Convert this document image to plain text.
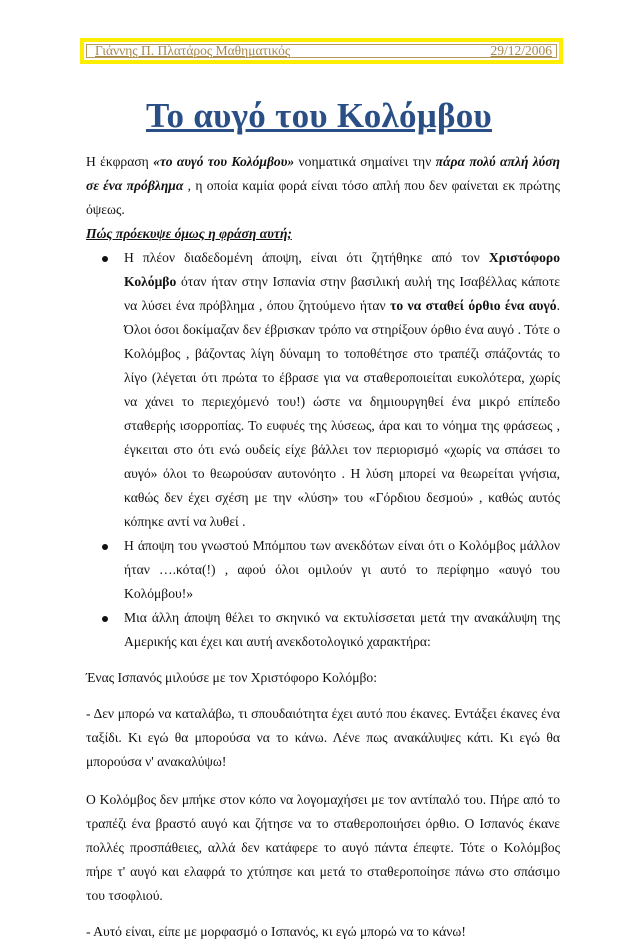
Γιάννης Π. Πλατάρος Μαθηματικός	29/12/2006
Το αυγό του Κολόμβου

Η έκφραση «το αυγό του Κολόμβου» νοηματικά σημαίνει την πάρα πολύ απλή λύση σε ένα πρόβλημα , η οποία καμία φορά είναι τόσο απλή που δεν φαίνεται εκ πρώτης όψεως.

Πώς πρόεκυψε όμως η φράση αυτή;

Η πλέον διαδεδομένη άποψη, είναι ότι ζητήθηκε από τον Χριστόφορο Κολόμβο όταν ήταν στην Ισπανία στην βασιλική αυλή της Ισαβέλλας κάποτε να λύσει ένα πρόβλημα , όπου ζητούμενο ήταν το να σταθεί όρθιο ένα αυγό. Όλοι όσοι δοκίμαζαν δεν έβρισκαν τρόπο να στηρίξουν όρθιο ένα αυγό . Τότε ο Κολόμβος , βάζοντας λίγη δύναμη το τοποθέτησε στο τραπέζι σπάζοντάς το λίγο (λέγεται ότι πρώτα το έβρασε για να σταθεροποιείται ευκολότερα, χωρίς να χάνει το περιεχόμενό του!) ώστε να δημιουργηθεί ένα μικρό επίπεδο σταθερής ισορροπίας. Το ευφυές της λύσεως, άρα και το νόημα της φράσεως , έγκειται στο ότι ενώ ουδείς είχε βάλλει τον περιορισμό «χωρίς να σπάσει το αυγό» όλοι το θεωρούσαν αυτονόητο . Η λύση μπορεί να θεωρείται γνήσια, καθώς δεν έχει σχέση με την «λύση» του «Γόρδιου δεσμού» , καθώς αυτός κόπηκε αντί να λυθεί .
Η άποψη του γνωστού Μπόμπου των ανεκδότων είναι ότι ο Κολόμβος μάλλον ήταν ….κότα(!) , αφού όλοι ομιλούν γι αυτό το περίφημο «αυγό του Κολόμβου!»
Μια άλλη άποψη θέλει το σκηνικό να εκτυλίσσεται μετά την ανακάλυψη της Αμερικής και έχει και αυτή ανεκδοτολογικό χαρακτήρα:

Ένας Ισπανός μιλούσε με τον Χριστόφορο Κολόμβο:

- Δεν μπορώ να καταλάβω, τι σπουδαιότητα έχει αυτό που έκανες. Εντάξει έκανες ένα ταξίδι. Κι εγώ θα μπορούσα να το κάνω. Λένε πως ανακάλυψες κάτι. Κι εγώ θα μπορούσα ν' ανακαλύψω!

Ο Κολόμβος δεν μπήκε στον κόπο να λογομαχήσει με τον αντίπαλό του. Πήρε από το τραπέζι ένα βραστό αυγό και ζήτησε να το σταθεροποιήσει όρθιο. Ο Ισπανός έκανε πολλές προσπάθειες, αλλά δεν κατάφερε το αυγό πάντα έπεφτε. Τότε ο Κολόμβος πήρε τ' αυγό και ελαφρά το χτύπησε και μετά το σταθεροποίησε πάνω στο σπάσιμο του τσοφλιού.

- Αυτό είναι, είπε με μορφασμό ο Ισπανός, κι εγώ μπορώ να το κάνω!
